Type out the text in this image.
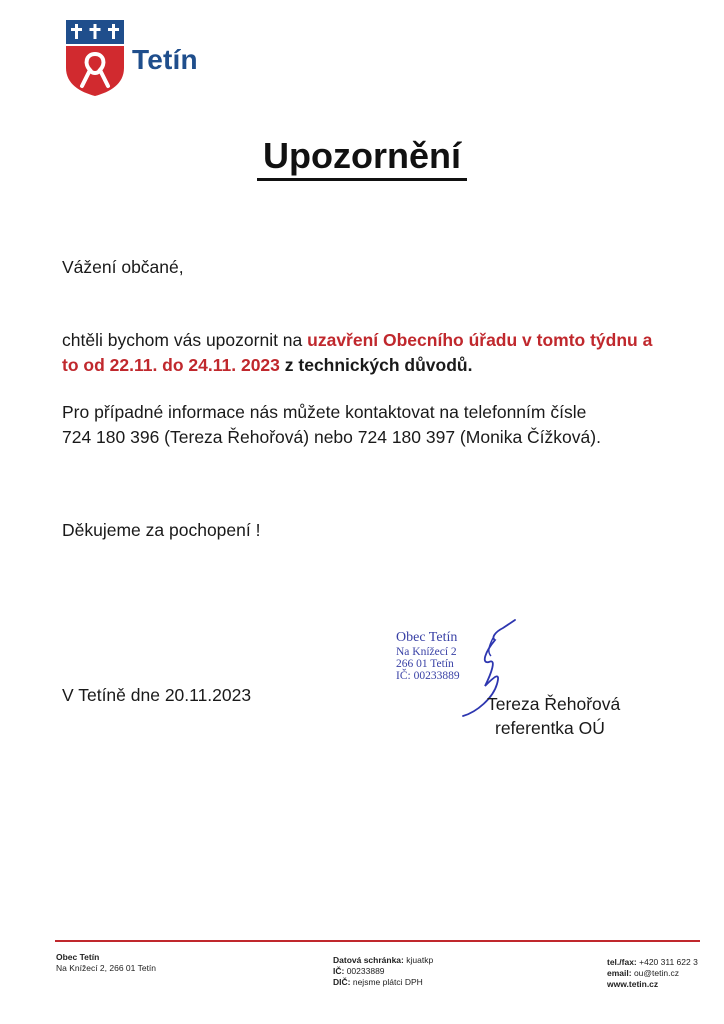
Tetín
Upozornění
Vážení občané,
chtěli bychom vás upozornit na uzavření Obecního úřadu v tomto týdnu a to od 22.11. do 24.11. 2023 z technických důvodů.
Pro případné informace nás můžete kontaktovat na telefonním čísle
724 180 396 (Tereza Řehořová) nebo 724 180 397 (Monika Čížková).
Děkujeme za pochopení !
V Tetíně dne 20.11.2023
Obec Tetín
Na Knížecí 2
266 01 Tetín
IČ: 00233889
Tereza Řehořová
referentka OÚ
Obec Tetín
Na Knížecí 2, 266 01 Tetín
Datová schránka: kjuatkp
IČ: 00233889
DIČ: nejsme plátci DPH
tel./fax: +420 311 622 3
email: ou@tetin.cz
www.tetin.cz
